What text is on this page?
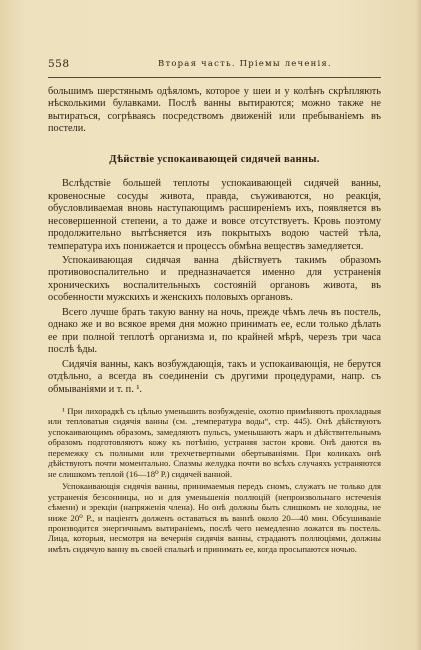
558	Вторая часть. Пріемы леченія.

большимъ шерстянымъ одѣяломъ, которое у шеи и у колѣнъ скрѣпляють нѣсколькими булавками. Послѣ ванны вытираются; можно также не вытираться, согрѣваясь посредствомъ движеній или пребываніемъ въ постели.

Дѣйствіе успокаивающей сидячей ванны.

Вслѣдствіе большей теплоты успокаивающей сидячей ванны, кровеносные сосуды живота, правда, съуживаются, но реакція, обусловливаемая вновь наступающимъ расширеніемъ ихъ, появляется въ несовершенной степени, а то даже и вовсе отсутствуетъ. Кровь поэтому продолжительно вытѣсняется изъ покрытыхъ водою частей тѣла, температура ихъ понижается и процессъ обмѣна веществъ замедляется.

Успокаивающая сидячая ванна дѣйствуетъ такимъ образомъ противовоспалительно и предназначается именно для устраненія хроническихъ воспалительныхъ состояній органовъ живота, въ особенности мужскихъ и женскихъ половыхъ органовъ.

Всего лучше брать такую ванну на ночь, прежде чѣмъ лечь въ постель, однако же и во всякое время дня можно принимать ее, если только дѣлать ее при полной теплотѣ организма и, по крайней мѣрѣ, черезъ три часа послѣ ѣды.

Сидячія ванны, какъ возбуждающія, такъ и успокаивающія, не берутся отдѣльно, а всегда въ соединеніи съ другими процедурами, напр. съ обмываніями и т. п. ¹.

¹ При лихорадкѣ съ цѣлью уменьшить возбужденіе, охотно примѣняютъ прохладныя или тепловатыя сидячія ванны (см. „температура воды“, стр. 445). Онѣ дѣйствуютъ успокаивающимъ образомъ, замедляютъ пульсъ, уменьшаютъ жаръ и дѣйствительнымъ образомъ подготовляютъ кожу къ потѣнію, устраняя застои крови. Онѣ даются въ перемежку съ полными или трехчетвертными обертываніями. При коликахъ онѣ дѣйствуютъ почти моментально. Спазмы желудка почти во всѣхъ случаяхъ устраняются не слишкомъ теплой (16—18⁰ Р.) сидячей ванной.

Успокаивающія сидячія ванны, принимаемыя передъ сномъ, служатъ не только для устраненія безсонницы, но и для уменьшенія поллюцій (непроизвольнаго истеченія сѣмени) и эрекціи (напряженія члена). Но онѣ должны быть слишкомъ не холодны, не ниже 20⁰ Р., и паціентъ долженъ оставаться въ ваннѣ около 20—40 мин. Обсушиваніе производится энергичнымъ вытираніемъ, послѣ чего немедленно ложатся въ постель. Лица, которыя, несмотря на вечернія сидячія ванны, страдаютъ поллюціями, должны имѣть сидячую ванну въ своей спальнѣ и принимать ее, когда просыпаются ночью.
